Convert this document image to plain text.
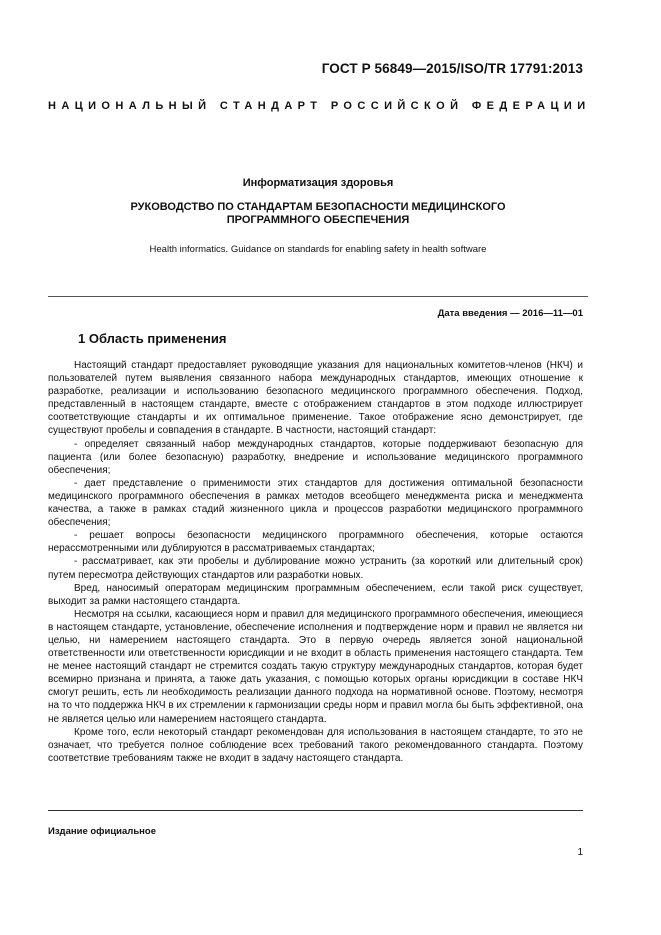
ГОСТ Р 56849—2015/ISO/TR 17791:2013
НАЦИОНАЛЬНЫЙ СТАНДАРТ РОССИЙСКОЙ ФЕДЕРАЦИИ
Информатизация здоровья
РУКОВОДСТВО ПО СТАНДАРТАМ БЕЗОПАСНОСТИ МЕДИЦИНСКОГО
ПРОГРАММНОГО ОБЕСПЕЧЕНИЯ
Health informatics. Guidance on standards for enabling safety in health software
Дата введения — 2016—11—01
1 Область применения

Настоящий стандарт предоставляет руководящие указания для национальных комитетов-членов (НКЧ) и пользователей путем выявления связанного набора международных стандартов, имеющих отношение к разработке, реализации и использованию безопасного медицинского программного обеспечения. Подход, представленный в настоящем стандарте, вместе с отображением стандартов в этом подходе иллюстрирует соответствующие стандарты и их оптимальное применение. Такое отображение ясно демонстрирует, где существуют пробелы и совпадения в стандарте. В частности, настоящий стандарт:

- определяет связанный набор международных стандартов, которые поддерживают безопасную для пациента (или более безопасную) разработку, внедрение и использование медицинского программного обеспечения;

- дает представление о применимости этих стандартов для достижения оптимальной безопасности медицинского программного обеспечения в рамках методов всеобщего менеджмента риска и менеджмента качества, а также в рамках стадий жизненного цикла и процессов разработки медицинского программного обеспечения;

- решает вопросы безопасности медицинского программного обеспечения, которые остаются нерассмотренными или дублируются в рассматриваемых стандартах;

- рассматривает, как эти пробелы и дублирование можно устранить (за короткий или длительный срок) путем пересмотра действующих стандартов или разработки новых.

Вред, наносимый операторам медицинским программным обеспечением, если такой риск существует, выходит за рамки настоящего стандарта.

Несмотря на ссылки, касающиеся норм и правил для медицинского программного обеспечения, имеющиеся в настоящем стандарте, установление, обеспечение исполнения и подтверждение норм и правил не является ни целью, ни намерением настоящего стандарта. Это в первую очередь является зоной национальной ответственности или ответственности юрисдикции и не входит в область применения настоящего стандарта. Тем не менее настоящий стандарт не стремится создать такую структуру международных стандартов, которая будет всемирно признана и принята, а также дать указания, с помощью которых органы юрисдикции в составе НКЧ смогут решить, есть ли необходимость реализации данного подхода на нормативной основе. Поэтому, несмотря на то что поддержка НКЧ в их стремлении к гармонизации среды норм и правил могла бы быть эффективной, она не является целью или намерением настоящего стандарта.

Кроме того, если некоторый стандарт рекомендован для использования в настоящем стандарте, то это не означает, что требуется полное соблюдение всех требований такого рекомендованного стандарта. Поэтому соответствие требованиям также не входит в задачу настоящего стандарта.

Издание официальное
1
